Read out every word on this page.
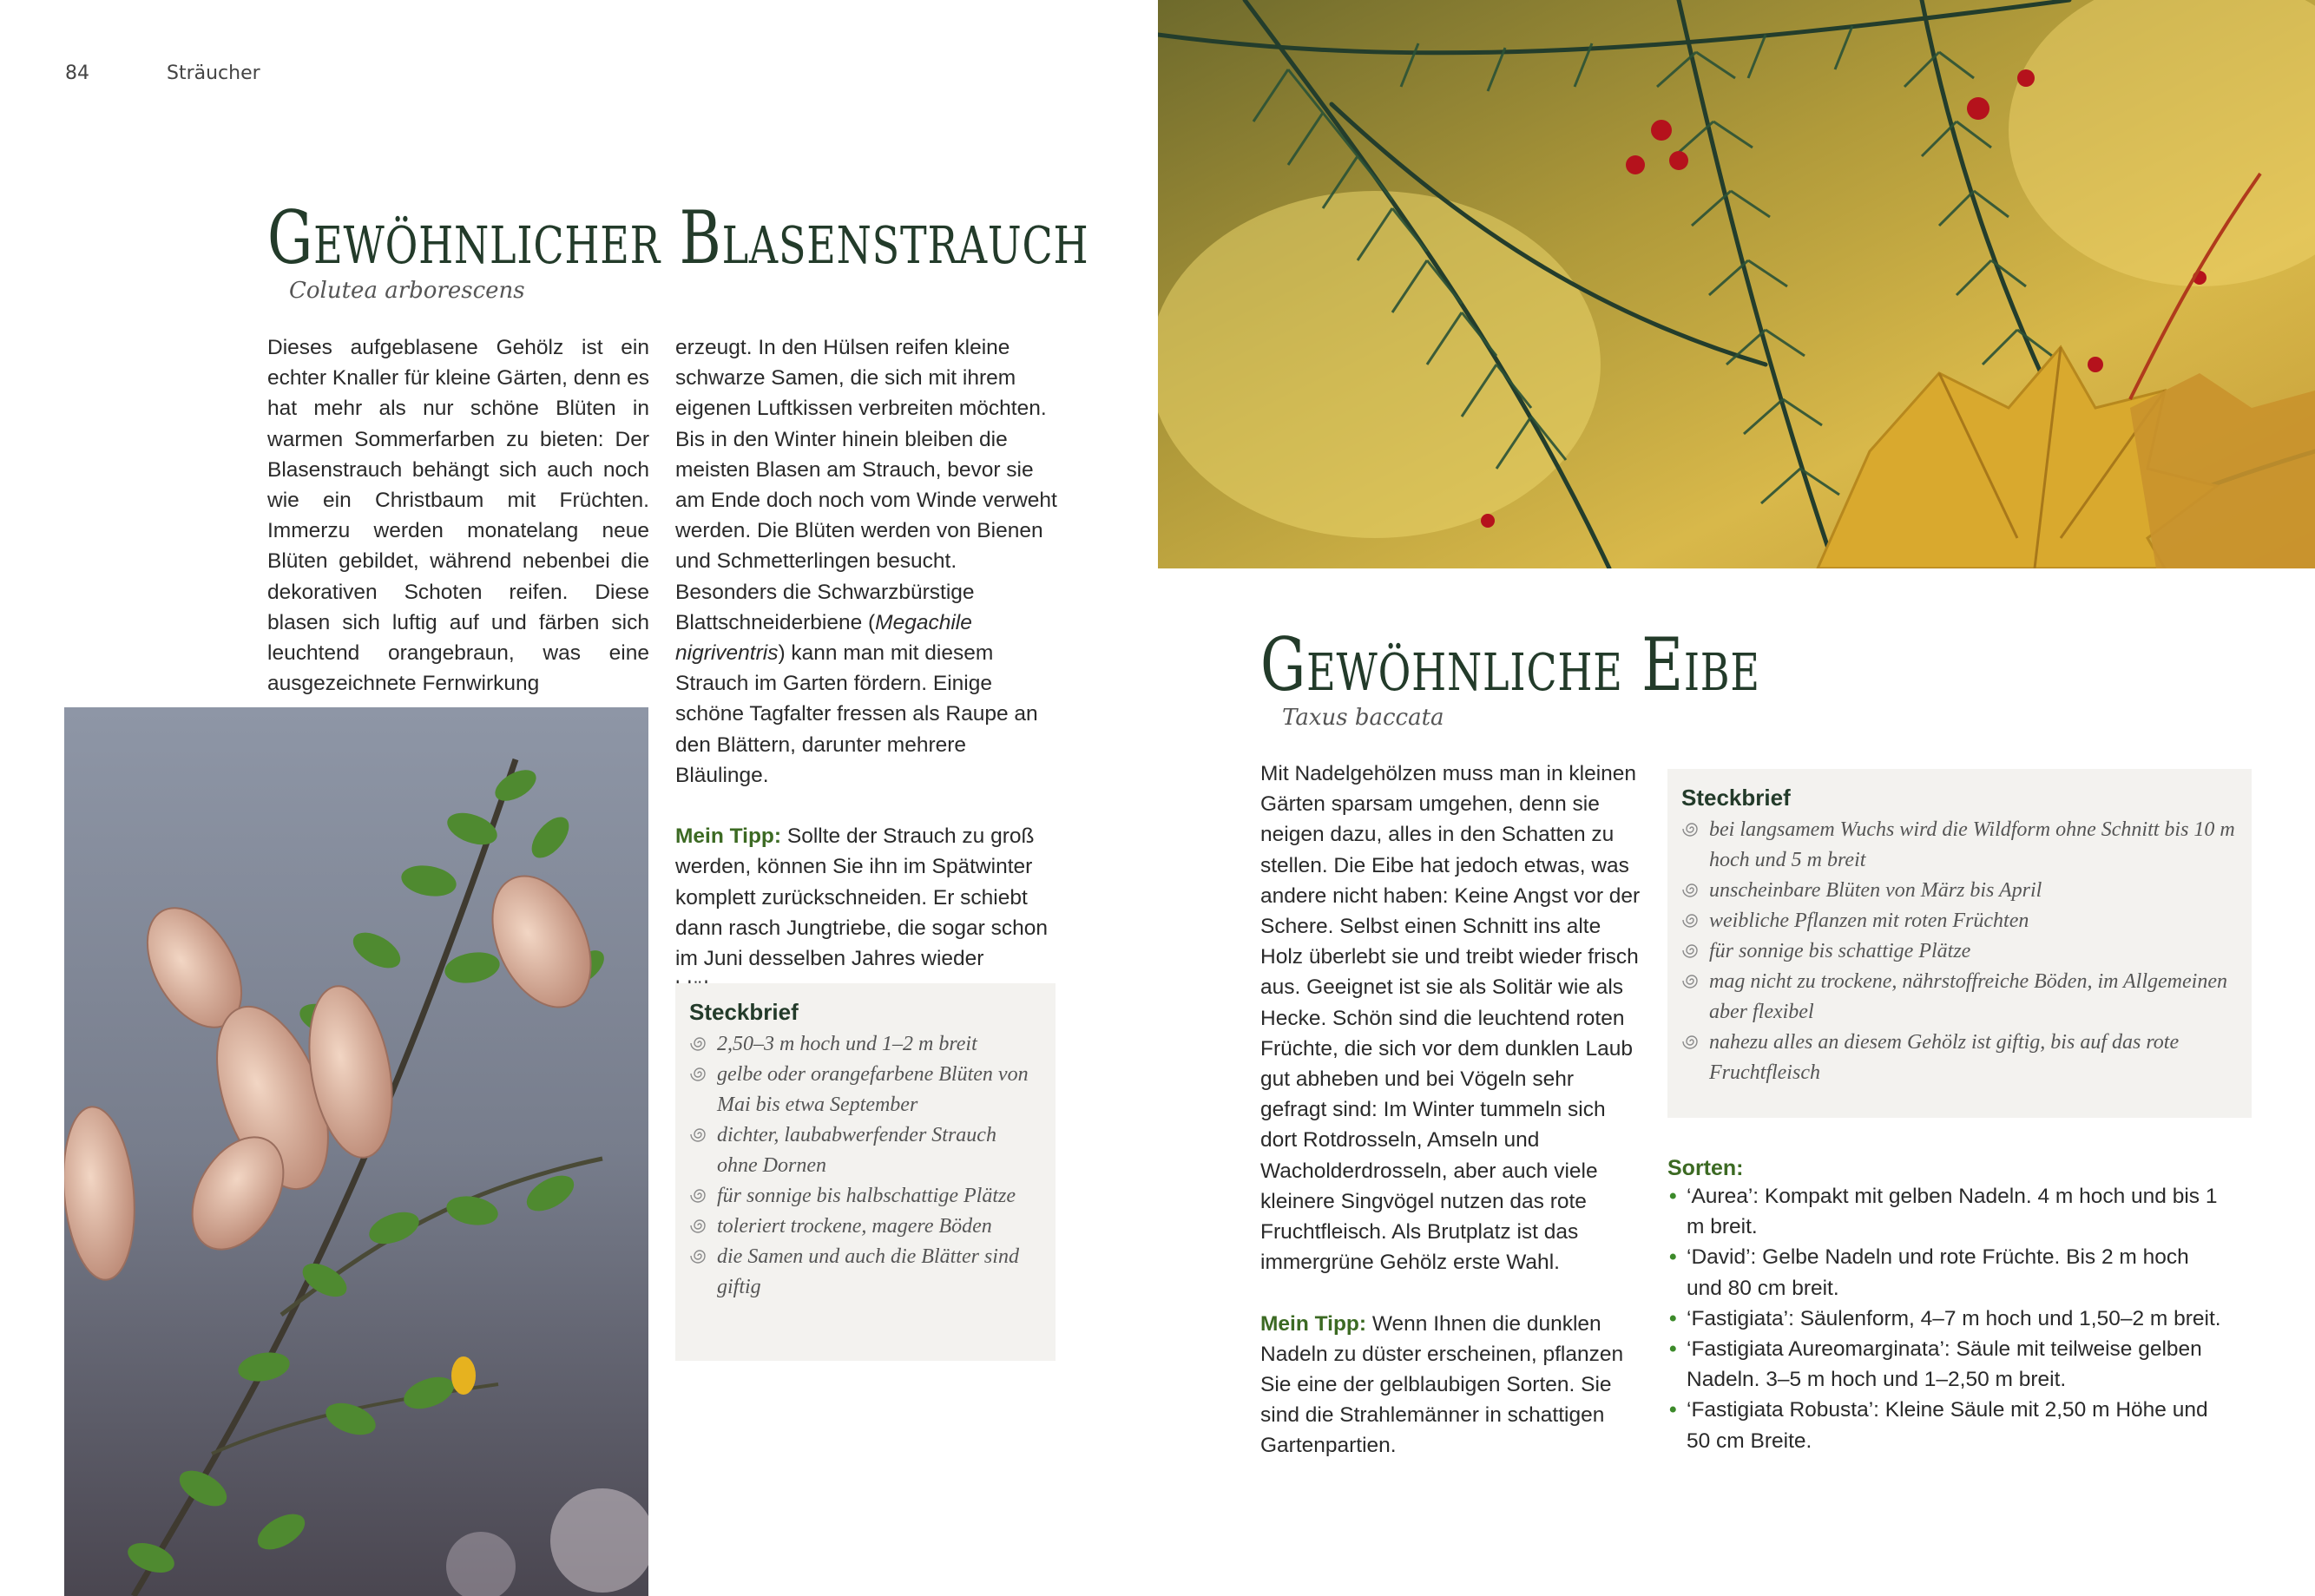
84	Sträucher
Gewöhnlicher Blasenstrauch
Colutea arborescens

Dieses aufgeblasene Gehölz ist ein echter Knaller für kleine Gärten, denn es hat mehr als nur schöne Blüten in warmen Sommerfarben zu bieten: Der Blasenstrauch behängt sich auch noch wie ein Christbaum mit Früchten. Immerzu werden monatelang neue Blüten gebildet, während nebenbei die dekorativen Schoten reifen. Diese blasen sich luftig auf und färben sich leuchtend orangebraun, was eine ausgezeichnete Fernwirkung

erzeugt. In den Hülsen reifen kleine schwarze Samen, die sich mit ihrem eigenen Luftkissen verbreiten möchten. Bis in den Winter hinein bleiben die meisten Blasen am Strauch, bevor sie am Ende doch noch vom Winde verweht werden. Die Blüten werden von Bienen und Schmetterlingen besucht. Besonders die Schwarzbürstige Blattschneiderbiene (Megachile nigriventris) kann man mit diesem Strauch im Garten fördern. Einige schöne Tagfalter fressen als Raupe an den Blättern, darunter mehrere Bläulinge.

Mein Tipp: Sollte der Strauch zu groß werden, können Sie ihn im Spätwinter komplett zurückschneiden. Er schiebt dann rasch Jungtriebe, die sogar schon im Juni desselben Jahres wieder

Steckbrief
2,50–3 m hoch und 1–2 m breit
gelbe oder orangefarbene Blüten von Mai bis etwa September
dichter, laubabwerfender Strauch ohne Dornen
für sonnige bis halbschattige Plätze
toleriert trockene, magere Böden
die Samen und auch die Blätter sind giftig
Gewöhnliche Eibe
Taxus baccata

Mit Nadelgehölzen muss man in kleinen Gärten sparsam umgehen, denn sie neigen dazu, alles in den Schatten zu stellen. Die Eibe hat jedoch etwas, was andere nicht haben: Keine Angst vor der Schere. Selbst einen Schnitt ins alte Holz überlebt sie und treibt wieder frisch aus. Geeignet ist sie als Solitär wie als Hecke. Schön sind die leuchtend roten Früchte, die sich vor dem dunklen Laub gut abheben und bei Vögeln sehr gefragt sind: Im Winter tummeln sich dort Rotdrosseln, Amseln und Wacholderdrosseln, aber auch viele kleinere Singvögel nutzen das rote Fruchtfleisch. Als Brutplatz ist das immergrüne Gehölz erste Wahl.

Mein Tipp: Wenn Ihnen die dunklen Nadeln zu düster erscheinen, pflanzen Sie eine der gelblaubigen Sorten. Sie sind die Strahlemänner in schattigen Gartenpartien.

Steckbrief
bei langsamem Wuchs wird die Wildform ohne Schnitt bis 10 m hoch und 5 m breit
unscheinbare Blüten von März bis April
weibliche Pflanzen mit roten Früchten
für sonnige bis schattige Plätze
mag nicht zu trockene, nährstoffreiche Böden, im Allgemeinen aber flexibel
nahezu alles an diesem Gehölz ist giftig, bis auf das rote Fruchtfleisch
Sorten:
• ‘Aurea’: Kompakt mit gelben Nadeln. 4 m hoch und bis 1 m breit.
• ‘David’: Gelbe Nadeln und rote Früchte. Bis 2 m hoch und 80 cm breit.
• ‘Fastigiata’: Säulenform, 4–7 m hoch und 1,50–2 m breit.
• ‘Fastigiata Aureomarginata’: Säule mit teilweise gelben Nadeln. 3–5 m hoch und 1–2,50 m breit.
• ‘Fastigiata Robusta’: Kleine Säule mit 2,50 m Höhe und 50 cm Breite.
